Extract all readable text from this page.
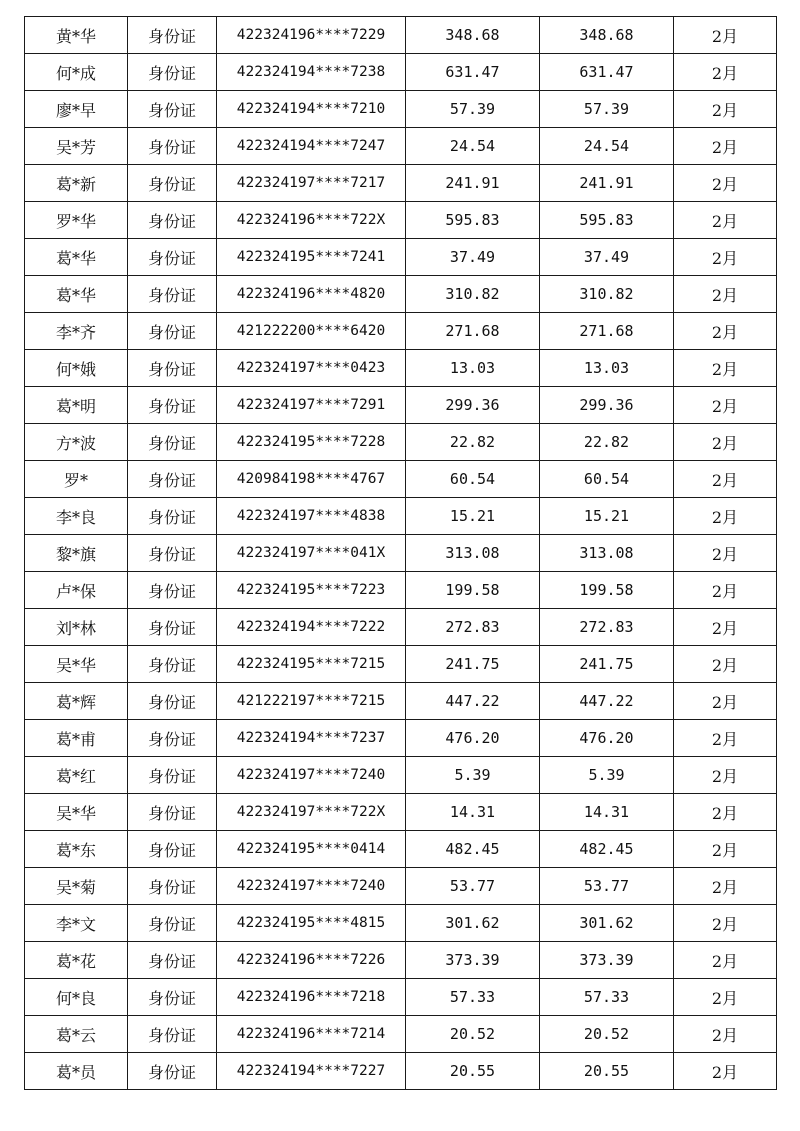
黄*华	身份证	422324196****7229	348.68	348.68	2月
何*成	身份证	422324194****7238	631.47	631.47	2月
廖*早	身份证	422324194****7210	57.39	57.39	2月
吴*芳	身份证	422324194****7247	24.54	24.54	2月
葛*新	身份证	422324197****7217	241.91	241.91	2月
罗*华	身份证	422324196****722X	595.83	595.83	2月
葛*华	身份证	422324195****7241	37.49	37.49	2月
葛*华	身份证	422324196****4820	310.82	310.82	2月
李*齐	身份证	421222200****6420	271.68	271.68	2月
何*娥	身份证	422324197****0423	13.03	13.03	2月
葛*明	身份证	422324197****7291	299.36	299.36	2月
方*波	身份证	422324195****7228	22.82	22.82	2月
罗*	身份证	420984198****4767	60.54	60.54	2月
李*良	身份证	422324197****4838	15.21	15.21	2月
黎*旗	身份证	422324197****041X	313.08	313.08	2月
卢*保	身份证	422324195****7223	199.58	199.58	2月
刘*林	身份证	422324194****7222	272.83	272.83	2月
吴*华	身份证	422324195****7215	241.75	241.75	2月
葛*辉	身份证	421222197****7215	447.22	447.22	2月
葛*甫	身份证	422324194****7237	476.20	476.20	2月
葛*红	身份证	422324197****7240	5.39	5.39	2月
吴*华	身份证	422324197****722X	14.31	14.31	2月
葛*东	身份证	422324195****0414	482.45	482.45	2月
吴*菊	身份证	422324197****7240	53.77	53.77	2月
李*文	身份证	422324195****4815	301.62	301.62	2月
葛*花	身份证	422324196****7226	373.39	373.39	2月
何*良	身份证	422324196****7218	57.33	57.33	2月
葛*云	身份证	422324196****7214	20.52	20.52	2月
葛*员	身份证	422324194****7227	20.55	20.55	2月
